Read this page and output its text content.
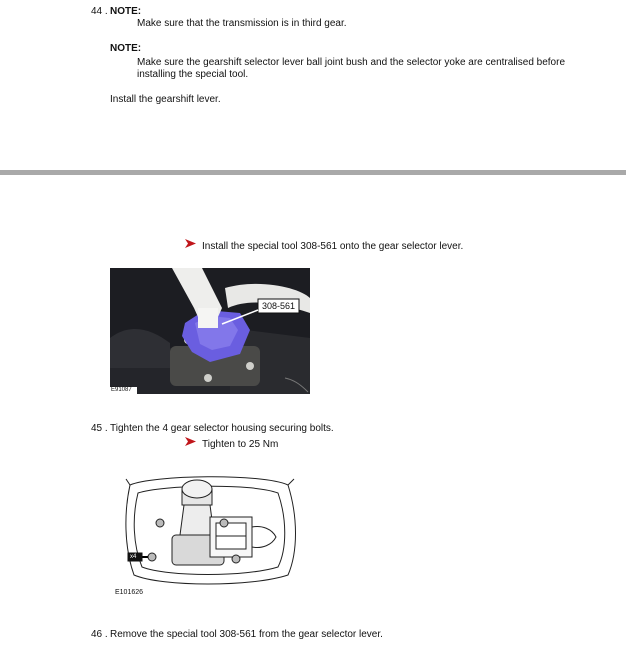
44 . NOTE:
Make sure that the transmission is in third gear.
NOTE:
Make sure the gearshift selector lever ball joint bush and the selector yoke are centralised before
installing the special tool.
Install the gearshift lever.
Install the special tool 308-561 onto the gear selector lever.
308-561
E91087
45 . Tighten the 4 gear selector housing securing bolts.
Tighten to 25 Nm
x4
E101626
46 . Remove the special tool 308-561 from the gear selector lever.
